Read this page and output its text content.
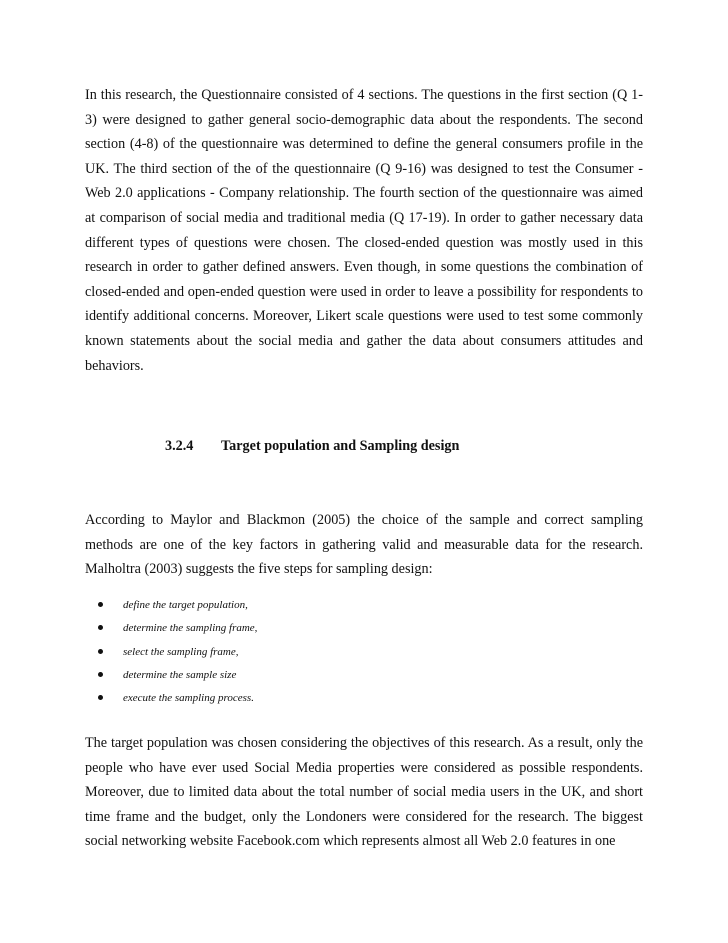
In this research, the Questionnaire consisted of 4 sections. The questions in the first section (Q 1-3) were designed to gather general socio-demographic data about the respondents. The second section (4-8) of the questionnaire was determined to define the general consumers profile in the UK. The third section of the of the questionnaire (Q 9-16) was designed to test the Consumer - Web 2.0 applications - Company relationship. The fourth section of the questionnaire was aimed at comparison of social media and traditional media (Q 17-19). In order to gather necessary data different types of questions were chosen. The closed-ended question was mostly used in this research in order to gather defined answers. Even though, in some questions the combination of closed-ended and open-ended question were used in order to leave a possibility for respondents to identify additional concerns. Moreover, Likert scale questions were used to test some commonly known statements about the social media and gather the data about consumers attitudes and behaviors.

3.2.4 Target population and Sampling design

According to Maylor and Blackmon (2005) the choice of the sample and correct sampling methods are one of the key factors in gathering valid and measurable data for the research. Malholtra (2003) suggests the five steps for sampling design:

define the target population,
determine the sampling frame,
select the sampling frame,
determine the sample size
execute the sampling process.

The target population was chosen considering the objectives of this research. As a result, only the people who have ever used Social Media properties were considered as possible respondents. Moreover, due to limited data about the total number of social media users in the UK, and short time frame and the budget, only the Londoners were considered for the research. The biggest social networking website Facebook.com which represents almost all Web 2.0 features in one
